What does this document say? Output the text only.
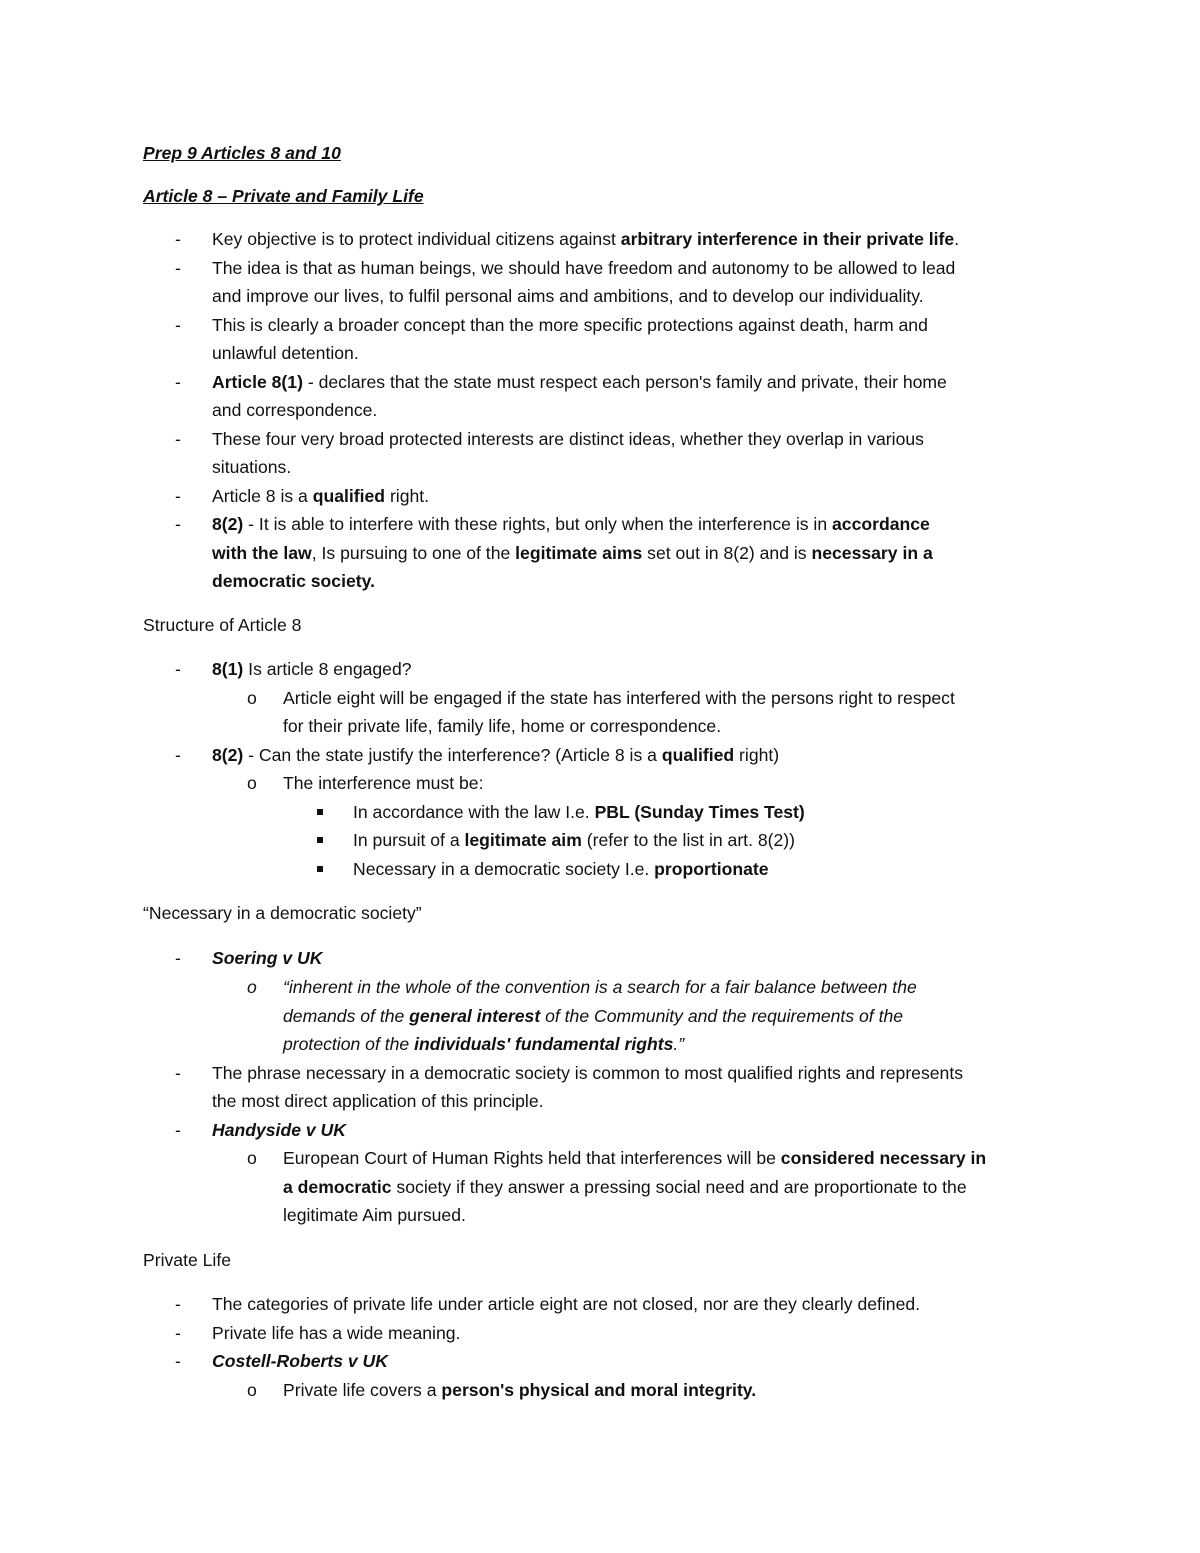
Prep 9 Articles 8 and 10
Article 8 – Private and Family Life
- Key objective is to protect individual citizens against arbitrary interference in their private life.
- The idea is that as human beings, we should have freedom and autonomy to be allowed to lead
and improve our lives, to fulfil personal aims and ambitions, and to develop our individuality.
- This is clearly a broader concept than the more specific protections against death, harm and
unlawful detention.
- Article 8(1) - declares that the state must respect each person's family and private, their home
and correspondence.
- These four very broad protected interests are distinct ideas, whether they overlap in various
situations.
- Article 8 is a qualified right.
- 8(2) - It is able to interfere with these rights, but only when the interference is in accordance
with the law, Is pursuing to one of the legitimate aims set out in 8(2) and is necessary in a
democratic society.
Structure of Article 8
- 8(1) Is article 8 engaged?
o Article eight will be engaged if the state has interfered with the persons right to respect
for their private life, family life, home or correspondence.
- 8(2) - Can the state justify the interference? (Article 8 is a qualified right)
o The interference must be:
In accordance with the law I.e. PBL (Sunday Times Test)
In pursuit of a legitimate aim (refer to the list in art. 8(2))
Necessary in a democratic society I.e. proportionate
“Necessary in a democratic society”
- Soering v UK
o “inherent in the whole of the convention is a search for a fair balance between the
demands of the general interest of the Community and the requirements of the
protection of the individuals' fundamental rights.”
- The phrase necessary in a democratic society is common to most qualified rights and represents
the most direct application of this principle.
- Handyside v UK
o European Court of Human Rights held that interferences will be considered necessary in
a democratic society if they answer a pressing social need and are proportionate to the
legitimate Aim pursued.
Private Life
- The categories of private life under article eight are not closed, nor are they clearly defined.
- Private life has a wide meaning.
- Costell-Roberts v UK
o Private life covers a person's physical and moral integrity.
